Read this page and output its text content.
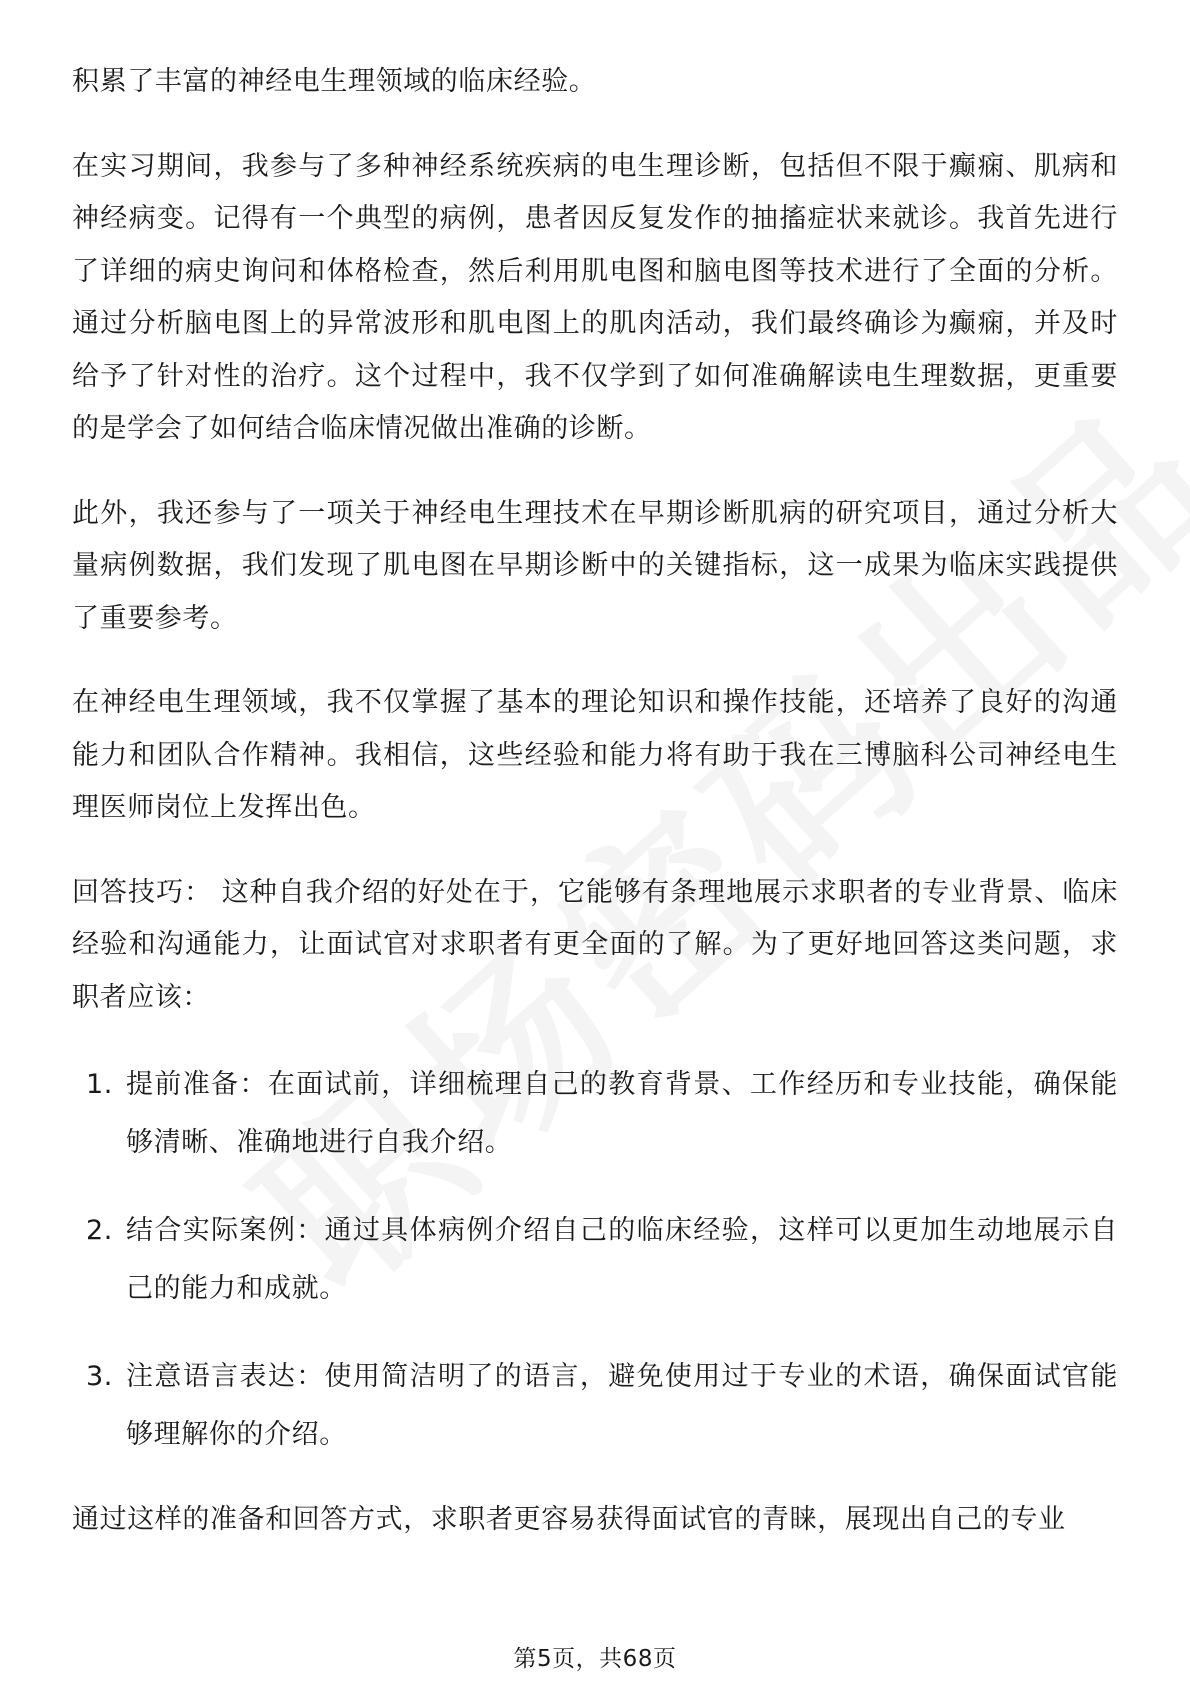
积累了丰富的神经电生理领域的临床经验。

在实习期间，我参与了多种神经系统疾病的电生理诊断，包括但不限于癫痫、肌病和神经病变。记得有一个典型的病例，患者因反复发作的抽搐症状来就诊。我首先进行了详细的病史询问和体格检查，然后利用肌电图和脑电图等技术进行了全面的分析。通过分析脑电图上的异常波形和肌电图上的肌肉活动，我们最终确诊为癫痫，并及时给予了针对性的治疗。这个过程中，我不仅学到了如何准确解读电生理数据，更重要的是学会了如何结合临床情况做出准确的诊断。

此外，我还参与了一项关于神经电生理技术在早期诊断肌病的研究项目，通过分析大量病例数据，我们发现了肌电图在早期诊断中的关键指标，这一成果为临床实践提供了重要参考。

在神经电生理领域，我不仅掌握了基本的理论知识和操作技能，还培养了良好的沟通能力和团队合作精神。我相信，这些经验和能力将有助于我在三博脑科公司神经电生理医师岗位上发挥出色。

回答技巧： 这种自我介绍的好处在于，它能够有条理地展示求职者的专业背景、临床经验和沟通能力，让面试官对求职者有更全面的了解。为了更好地回答这类问题，求职者应该：

1. 提前准备：在面试前，详细梳理自己的教育背景、工作经历和专业技能，确保能够清晰、准确地进行自我介绍。
2. 结合实际案例：通过具体病例介绍自己的临床经验，这样可以更加生动地展示自己的能力和成就。
3. 注意语言表达：使用简洁明了的语言，避免使用过于专业的术语，确保面试官能够理解你的介绍。

通过这样的准备和回答方式，求职者更容易获得面试官的青睐，展现出自己的专业

第5页，共68页
